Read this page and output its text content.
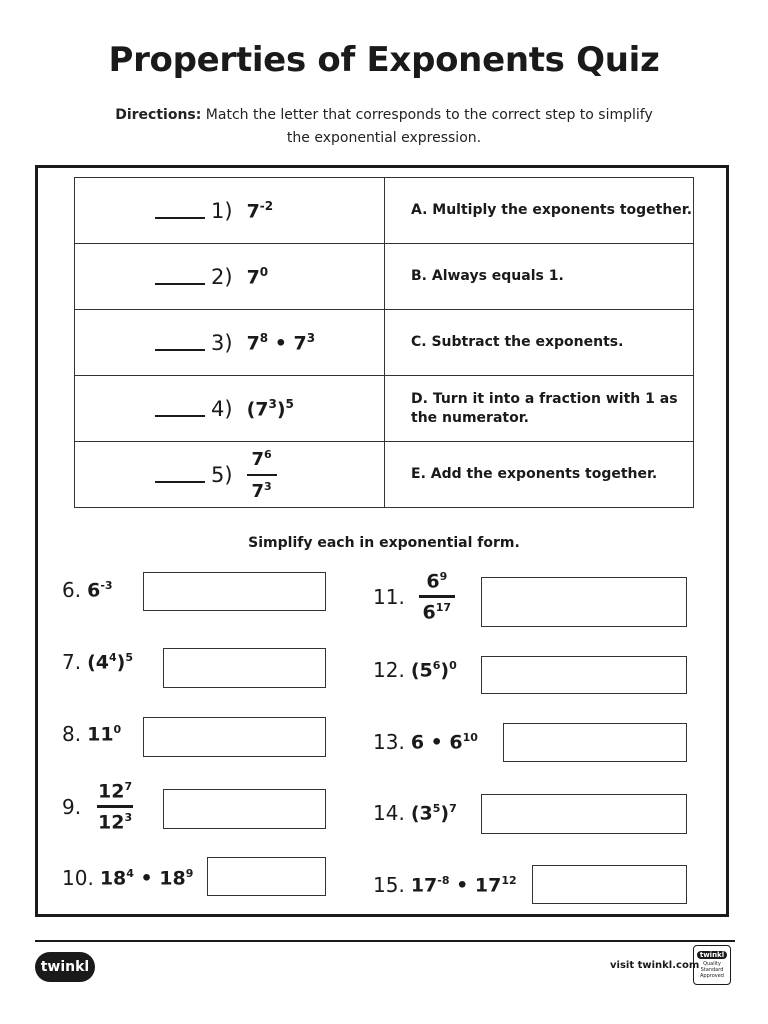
Properties of Exponents Quiz
Directions: Match the letter that corresponds to the correct step to simplify the exponential expression.
1) $7^{-2}$	A. Multiply the exponents together.

2) $7^0$	B. Always equals 1.

3) $7^8$ • $7^3$	C. Subtract the exponents.

4) $(7^3)^5$	D. Turn it into a fraction with 1 as the numerator.

$5) \frac{7^6}{7^3}$	E. Add the exponents together.
Simplify each in exponential form.
6. $6^{-3}$
7. $(4^4)^5$
8. $11^0$
9.
$12^7$
$12^3$
10. $18^4$ • $18^9$
11.
$6^9$
$6^{17}$
12. $(5^6)^0$
13. 6 • $6^{10}$
14. $(3^5)^7$
15. $17^{-8}$ • $17^{12}$
twinkl	visit twinkl.com
twinkl
Quality Standard Approved
